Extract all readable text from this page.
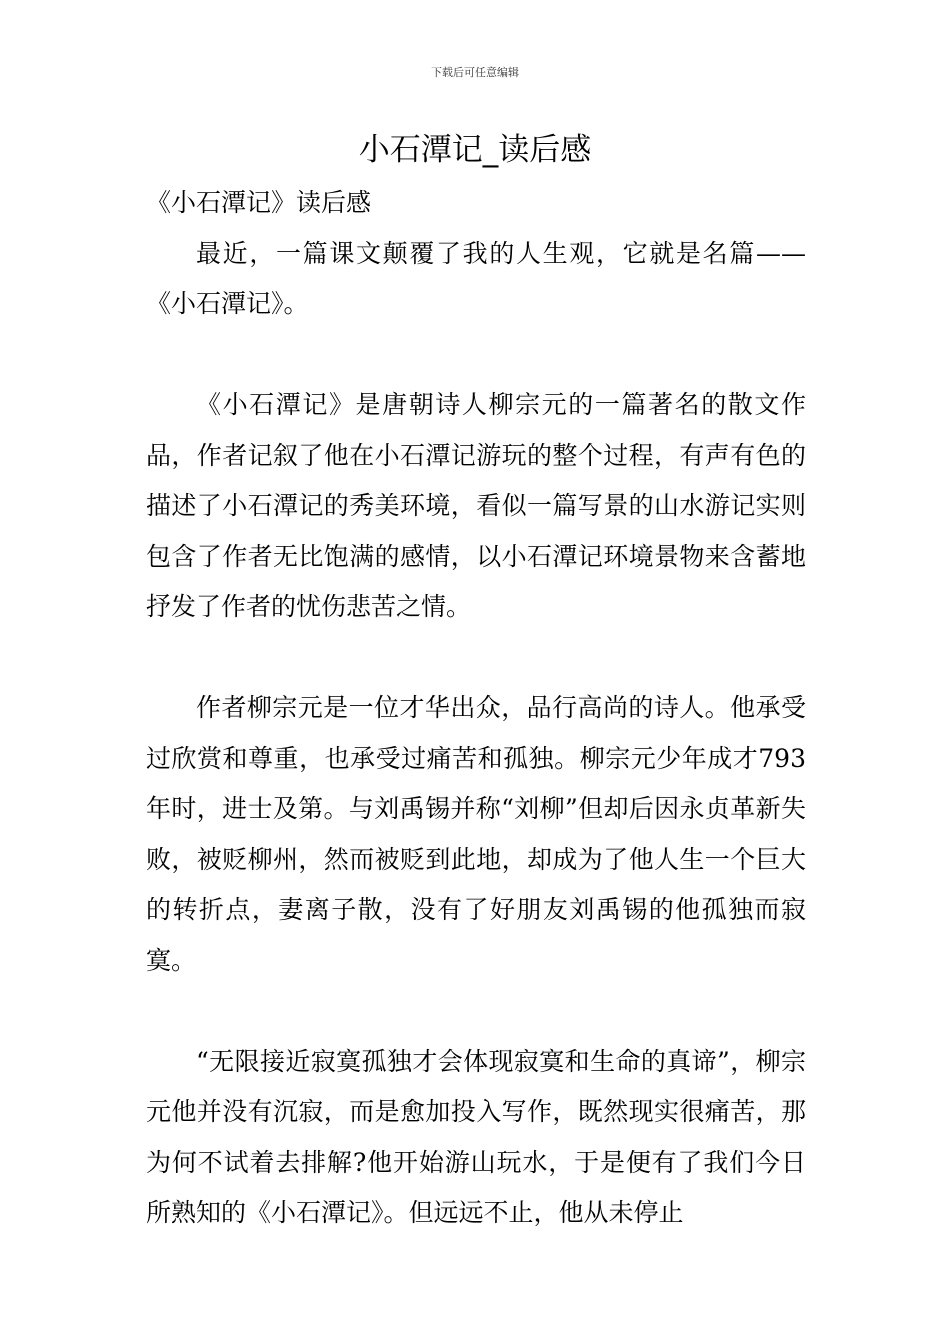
下载后可任意编辑
小石潭记_读后感

《小石潭记》读后感

最近，一篇课文颠覆了我的人生观，它就是名篇——《小石潭记》。

《小石潭记》是唐朝诗人柳宗元的一篇著名的散文作品，作者记叙了他在小石潭记游玩的整个过程，有声有色的描述了小石潭记的秀美环境，看似一篇写景的山水游记实则包含了作者无比饱满的感情，以小石潭记环境景物来含蓄地抒发了作者的忧伤悲苦之情。

作者柳宗元是一位才华出众，品行高尚的诗人。他承受过欣赏和尊重，也承受过痛苦和孤独。柳宗元少年成才793年时，进士及第。与刘禹锡并称“刘柳”但却后因永贞革新失败，被贬柳州，然而被贬到此地，却成为了他人生一个巨大的转折点，妻离子散，没有了好朋友刘禹锡的他孤独而寂寞。

“无限接近寂寞孤独才会体现寂寞和生命的真谛”，柳宗元他并没有沉寂，而是愈加投入写作，既然现实很痛苦，那为何不试着去排解?他开始游山玩水，于是便有了我们今日所熟知的《小石潭记》。但远远不止，他从未停止
